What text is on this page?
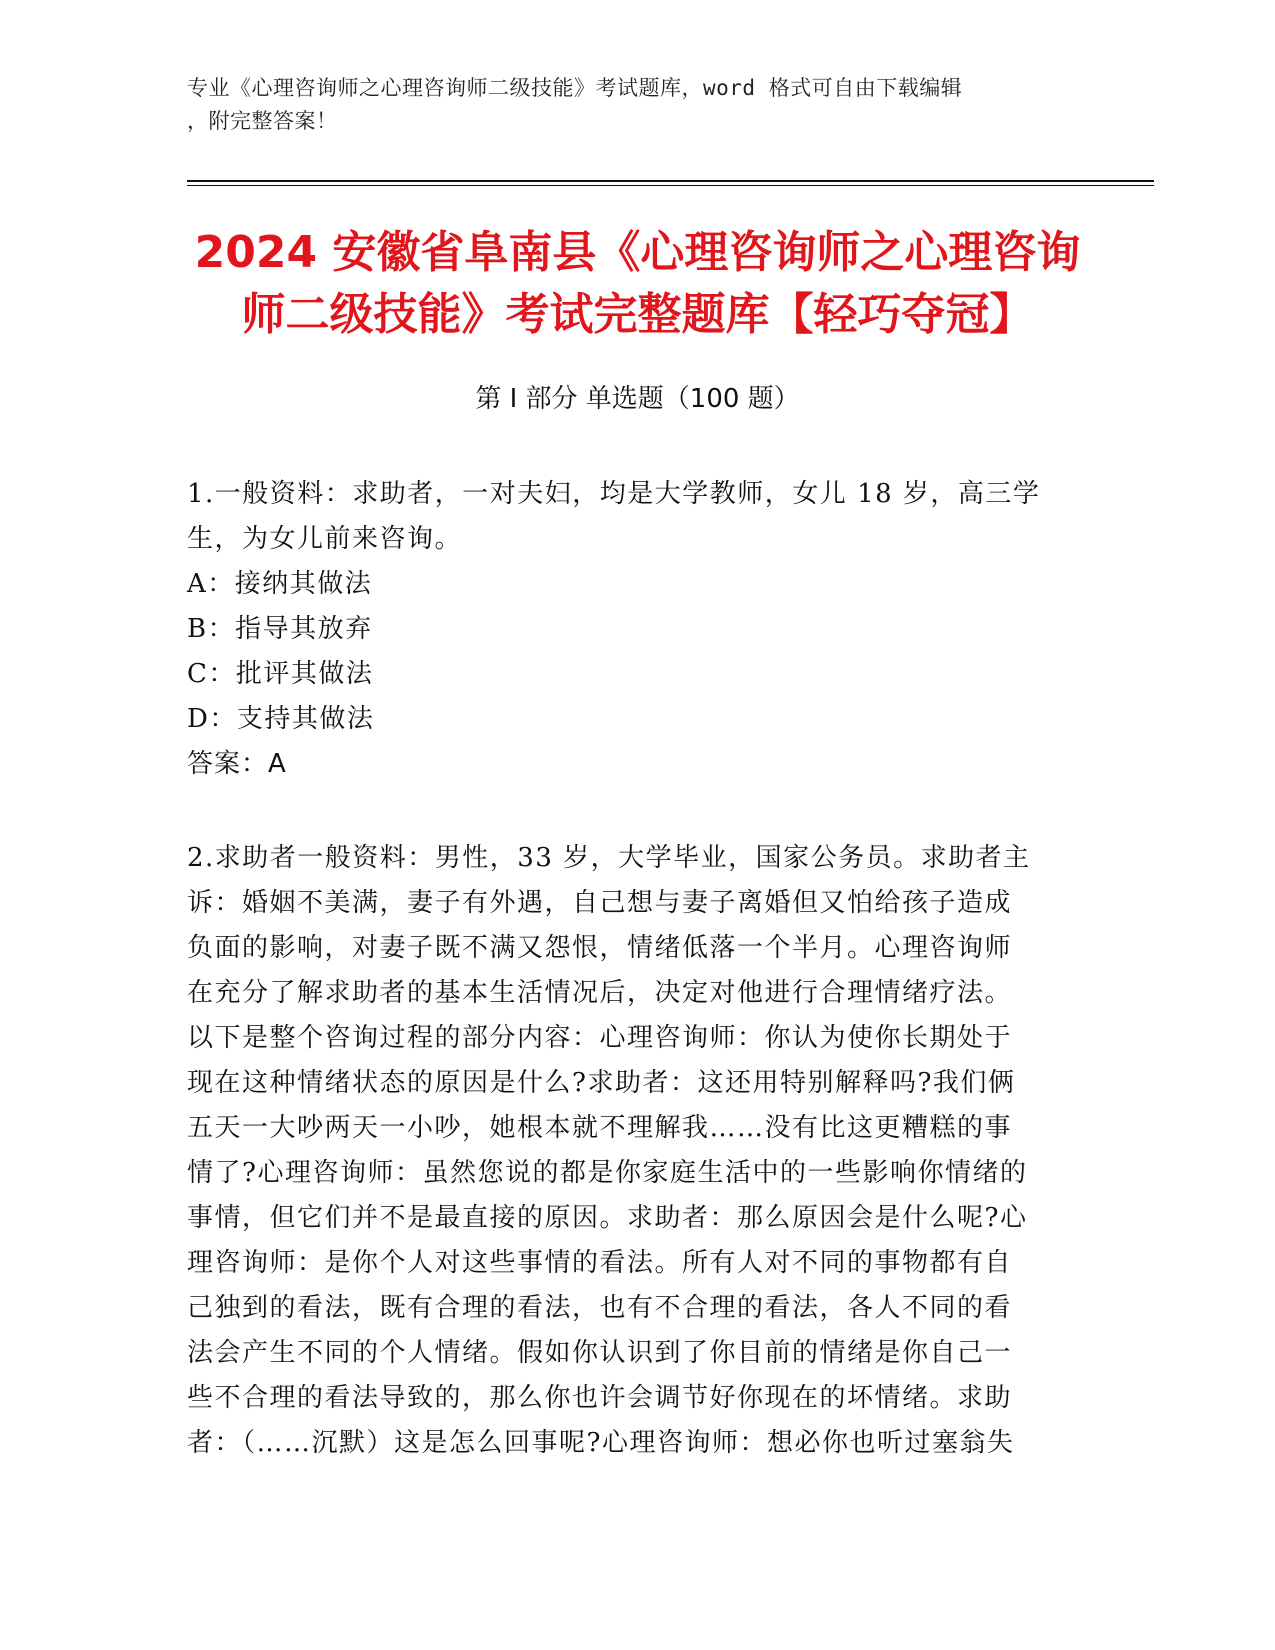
专业《心理咨询师之心理咨询师二级技能》考试题库，word 格式可自由下载编辑
，附完整答案！
2024 安徽省阜南县《心理咨询师之心理咨询
师二级技能》考试完整题库【轻巧夺冠】
第 I 部分 单选题（100 题）
1.一般资料：求助者，一对夫妇，均是大学教师，女儿 18 岁，高三学
生，为女儿前来咨询。
A：接纳其做法
B：指导其放弃
C：批评其做法
D：支持其做法
答案：A
2.求助者一般资料：男性，33 岁，大学毕业，国家公务员。求助者主
诉：婚姻不美满，妻子有外遇，自己想与妻子离婚但又怕给孩子造成
负面的影响，对妻子既不满又怨恨，情绪低落一个半月。心理咨询师
在充分了解求助者的基本生活情况后，决定对他进行合理情绪疗法。
以下是整个咨询过程的部分内容：心理咨询师：你认为使你长期处于
现在这种情绪状态的原因是什么?求助者：这还用特别解释吗?我们俩
五天一大吵两天一小吵，她根本就不理解我……没有比这更糟糕的事
情了?心理咨询师：虽然您说的都是你家庭生活中的一些影响你情绪的
事情，但它们并不是最直接的原因。求助者：那么原因会是什么呢?心
理咨询师：是你个人对这些事情的看法。所有人对不同的事物都有自
己独到的看法，既有合理的看法，也有不合理的看法，各人不同的看
法会产生不同的个人情绪。假如你认识到了你目前的情绪是你自己一
些不合理的看法导致的，那么你也许会调节好你现在的坏情绪。求助
者：（……沉默）这是怎么回事呢?心理咨询师：想必你也听过塞翁失
